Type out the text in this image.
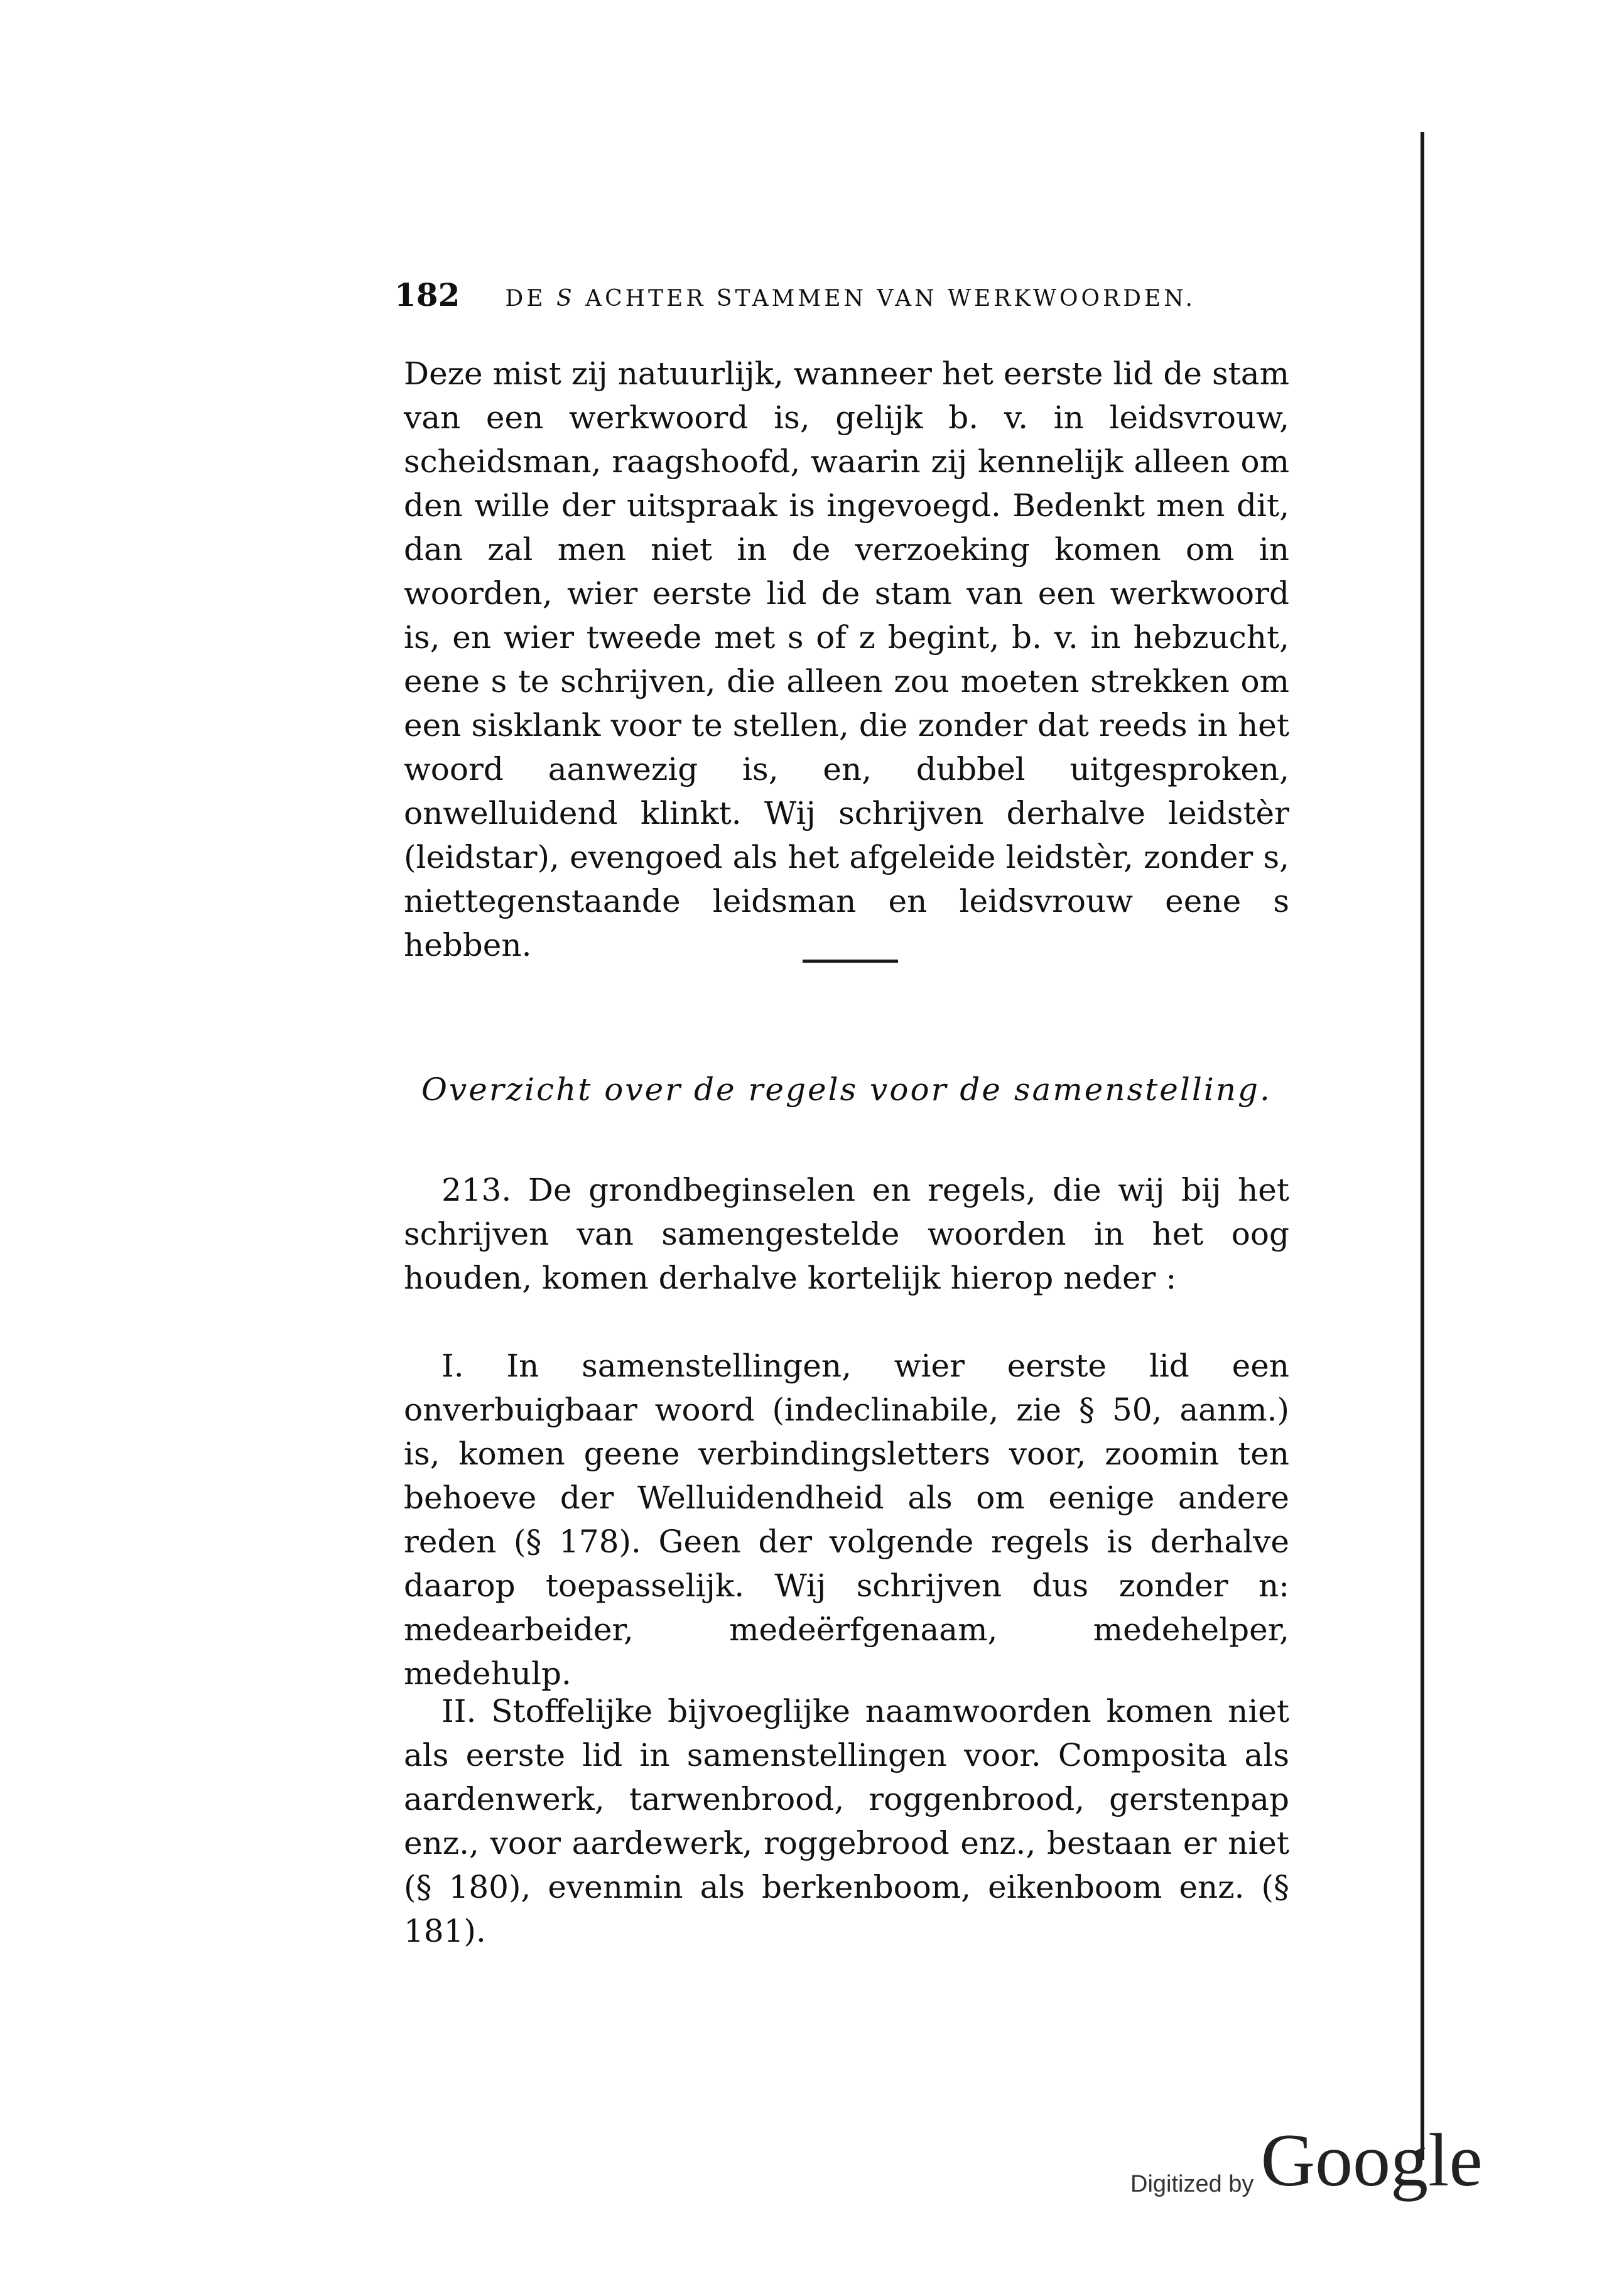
182 DE S ACHTER STAMMEN VAN WERKWOORDEN.

Deze mist zij natuurlijk, wanneer het eerste lid de stam van een werkwoord is, gelijk b. v. in leidsvrouw, scheidsman, raagshoofd, waarin zij kennelijk alleen om den wille der uitspraak is ingevoegd. Bedenkt men dit, dan zal men niet in de verzoeking komen om in woorden, wier eerste lid de stam van een werkwoord is, en wier tweede met s of z begint, b. v. in hebzucht, eene s te schrijven, die alleen zou moeten strekken om een sisklank voor te stellen, die zonder dat reeds in het woord aanwezig is, en, dubbel uitgesproken, onwelluidend klinkt. Wij schrijven derhalve leidstèr (leidstar), evengoed als het afgeleide leidstèr, zonder s, niettegenstaande leidsman en leidsvrouw eene s hebben.

Overzicht over de regels voor de samenstelling.

213. De grondbeginselen en regels, die wij bij het schrijven van samengestelde woorden in het oog houden, komen derhalve kortelijk hierop neder :

I. In samenstellingen, wier eerste lid een onverbuigbaar woord (indeclinabile, zie § 50, aanm.) is, komen geene verbindingsletters voor, zoomin ten behoeve der Welluidendheid als om eenige andere reden (§ 178). Geen der volgende regels is derhalve daarop toepasselijk. Wij schrijven dus zonder n: medearbeider, medeërfgenaam, medehelper, medehulp.

II. Stoffelijke bijvoeglijke naamwoorden komen niet als eerste lid in samenstellingen voor. Composita als aardenwerk, tarwenbrood, roggenbrood, gerstenpap enz., voor aardewerk, roggebrood enz., bestaan er niet (§ 180), evenmin als berkenboom, eikenboom enz. (§ 181).

Digitized by Google
